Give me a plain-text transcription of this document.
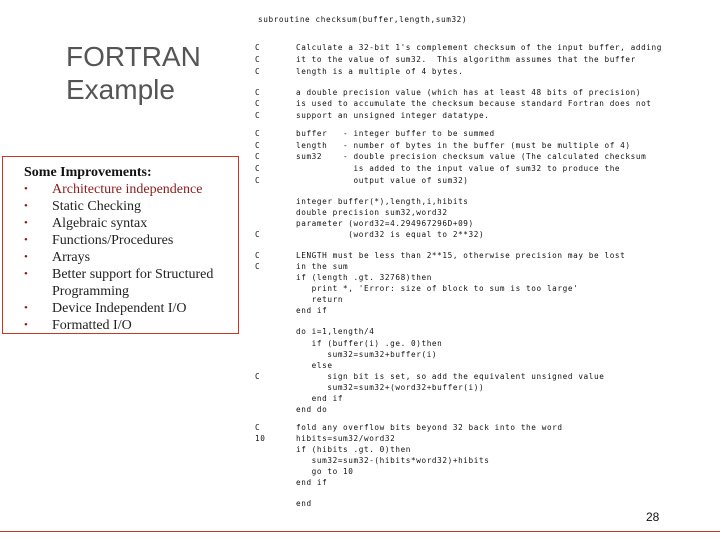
FORTRAN
Example

Some Improvements:

•	Architecture independence
•	Static Checking
•	Algebraic syntax
•	Functions/Procedures
•	Arrays
•	Better support for Structured Programming
•	Device Independent I/O
•	Formatted I/O

subroutine checksum(buffer,length,sum32)

C	Calculate a 32-bit 1's complement checksum of the input buffer, adding
C	it to the value of sum32.  This algorithm assumes that the buffer
C	length is a multiple of 4 bytes.
C	a double precision value (which has at least 48 bits of precision)
C	is used to accumulate the checksum because standard Fortran does not
C	support an unsigned integer datatype.
C	buffer   - integer buffer to be summed
C	length   - number of bytes in the buffer (must be multiple of 4)
C	sum32    - double precision checksum value (The calculated checksum
C	is added to the input value of sum32 to produce the
C	output value of sum32)
integer buffer(*),length,i,hibits
double precision sum32,word32
parameter (word32=4.294967296D+09)
C	(word32 is equal to 2**32)
C	LENGTH must be less than 2**15, otherwise precision may be lost
C	in the sum
if (length .gt. 32768)then
print *, 'Error: size of block to sum is too large'
return
end if
do i=1,length/4
if (buffer(i) .ge. 0)then
sum32=sum32+buffer(i)
else
C	sign bit is set, so add the equivalent unsigned value
sum32=sum32+(word32+buffer(i))
end if
end do
C	fold any overflow bits beyond 32 back into the word
10	hibits=sum32/word32
if (hibits .gt. 0)then
sum32=sum32-(hibits*word32)+hibits
go to 10
end if
end

28
